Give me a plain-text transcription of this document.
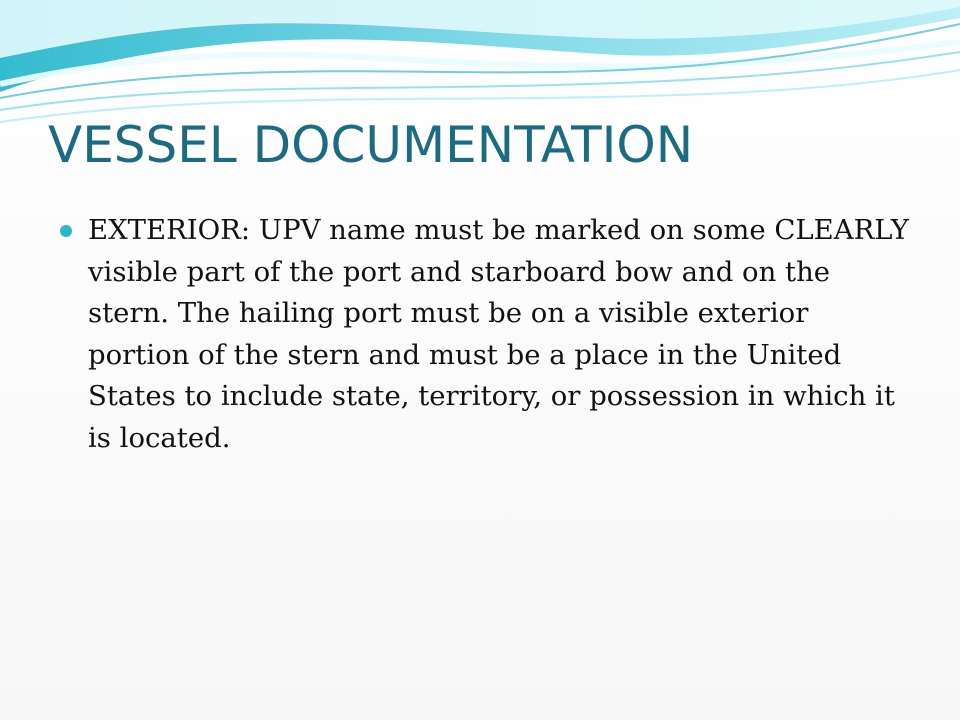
VESSEL DOCUMENTATION

EXTERIOR: UPV name must be marked on some CLEARLY visible part of the port and starboard bow and on the stern. The hailing port must be on a visible exterior portion of the stern and must be a place in the United States to include state, territory, or possession in which it is located.
